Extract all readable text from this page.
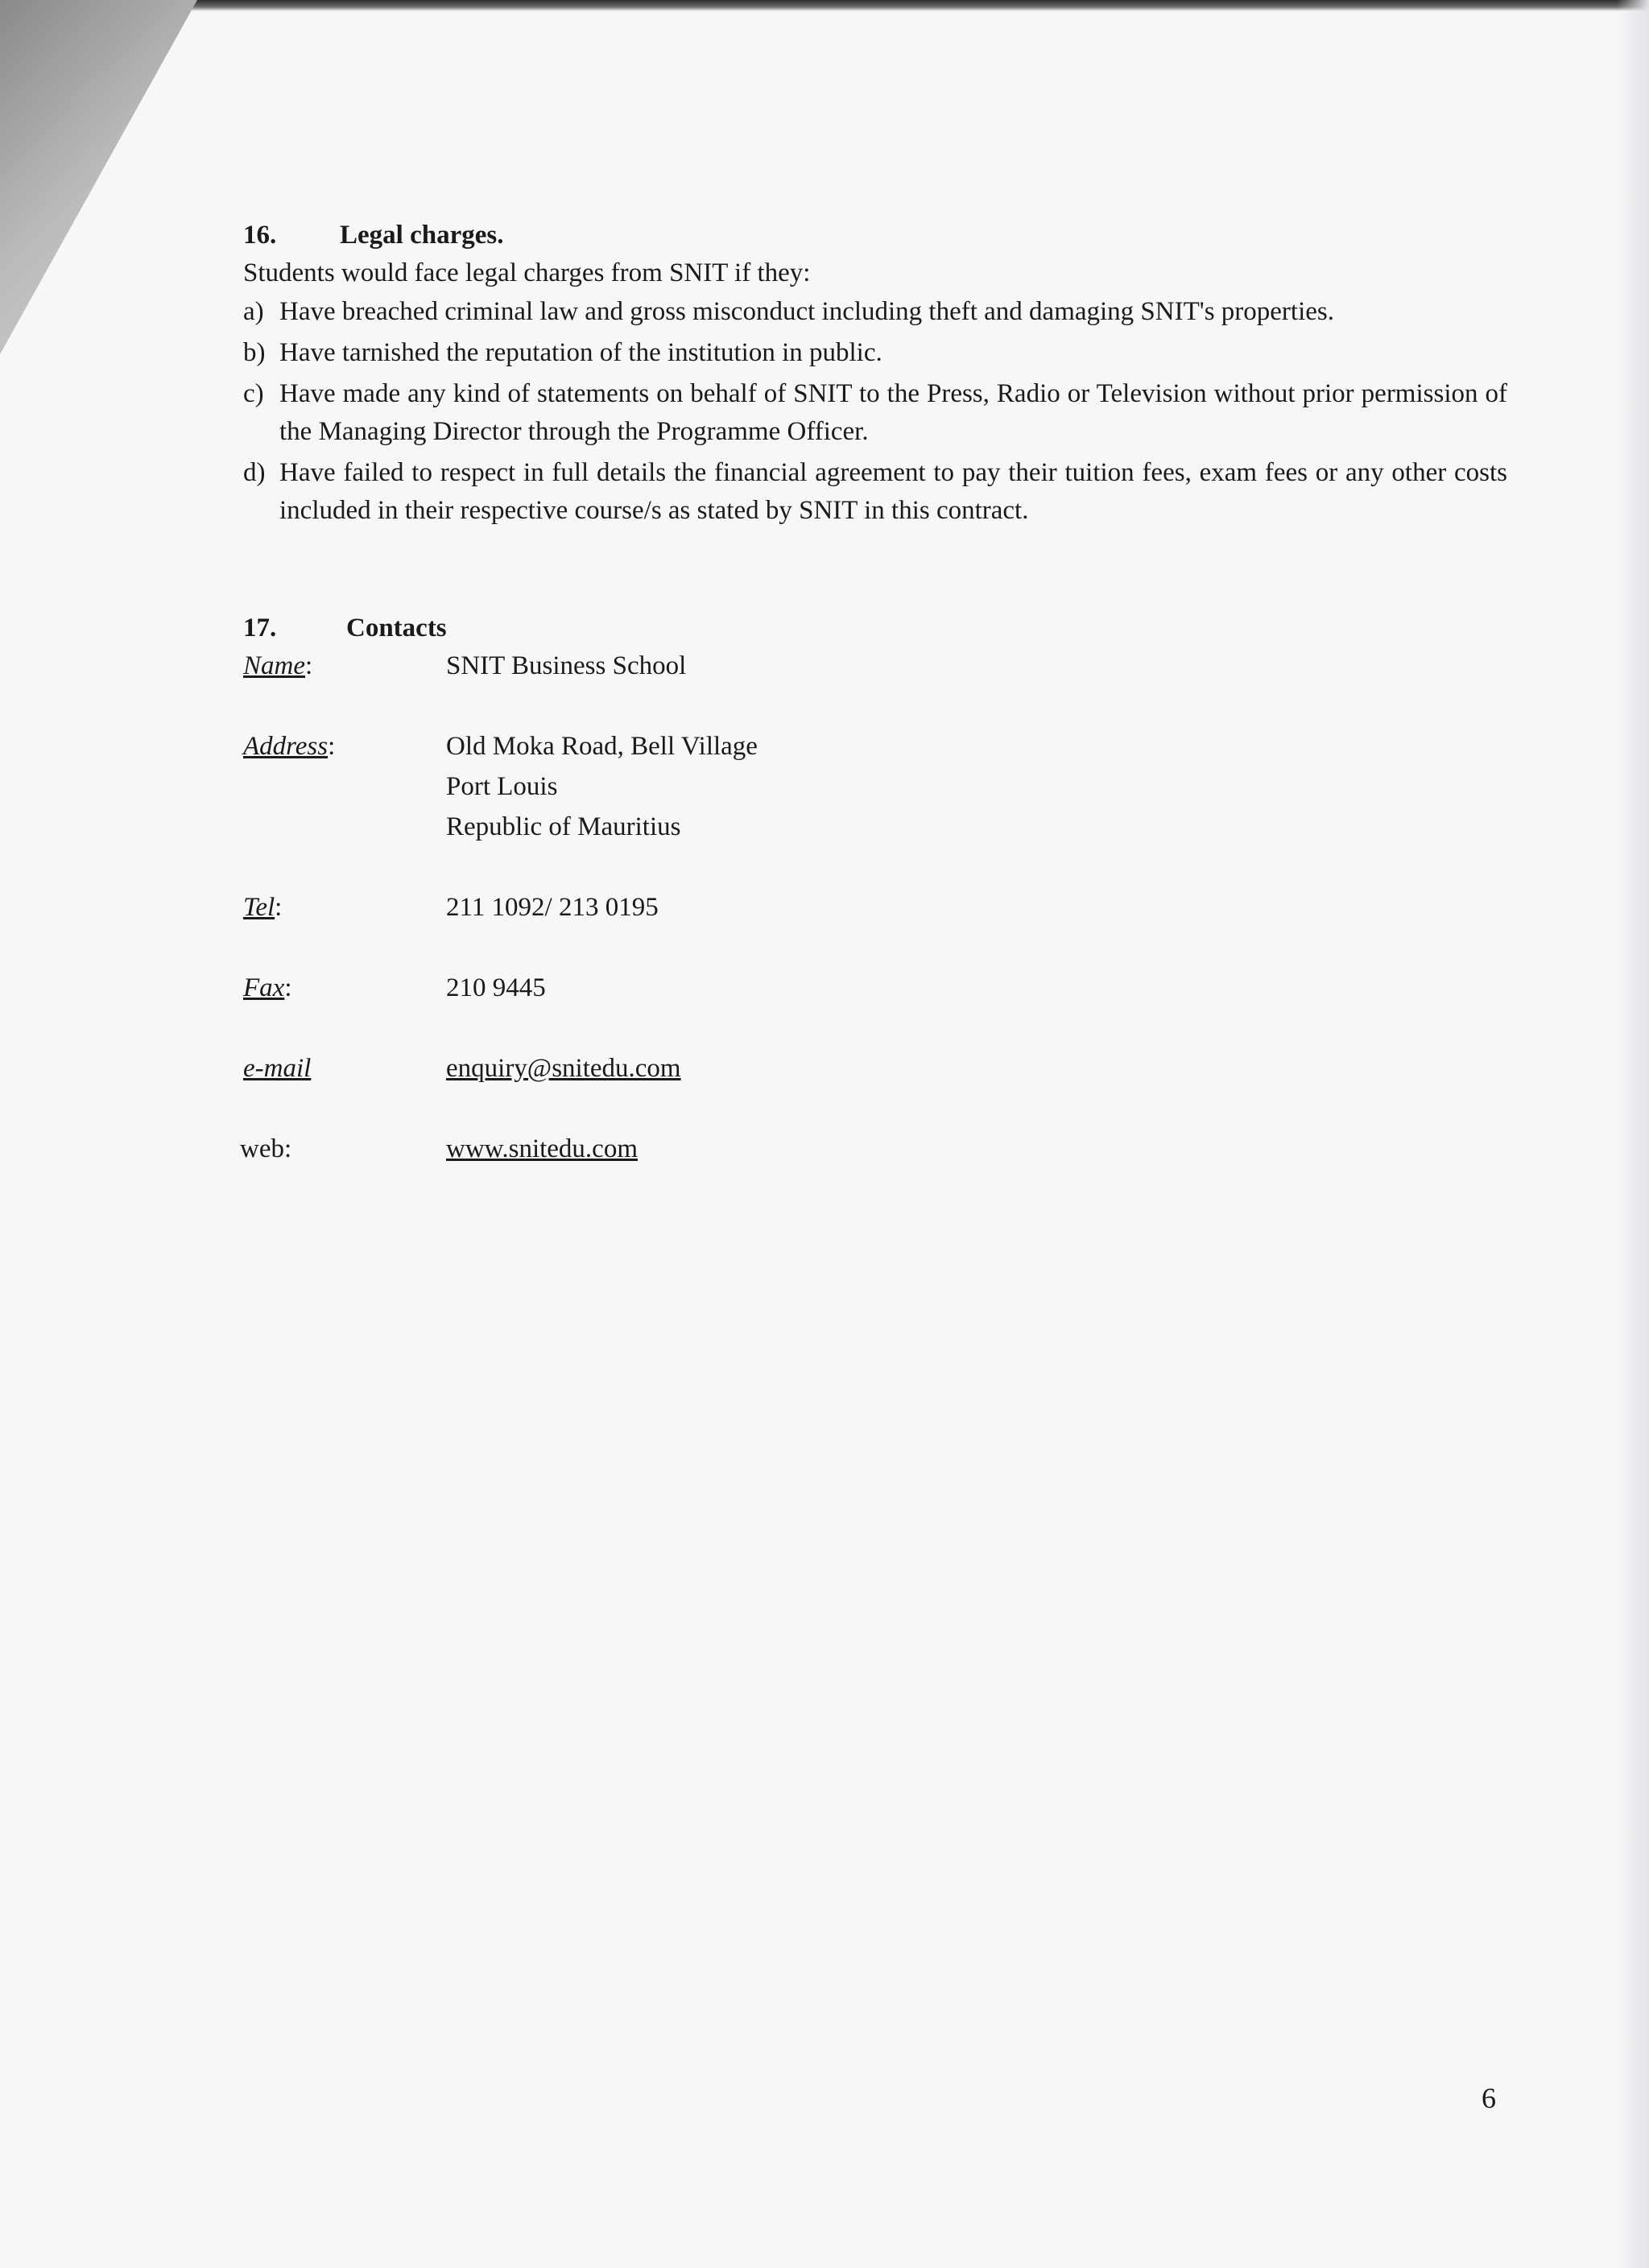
16.	Legal charges.

Students would face legal charges from SNIT if they:

a) Have breached criminal law and gross misconduct including theft and damaging SNIT's properties.
b) Have tarnished the reputation of the institution in public.
c) Have made any kind of statements on behalf of SNIT to the Press, Radio or Television without prior permission of the Managing Director through the Programme Officer.
d) Have failed to respect in full details the financial agreement to pay their tuition fees, exam fees or any other costs included in their respective course/s as stated by SNIT in this contract.
17.	Contacts
Name:	SNIT Business School
Address:	Old Moka Road, Bell Village
Port Louis
Republic of Mauritius
Tel:	211 1092/ 213 0195
Fax:	210 9445
e-mail	enquiry@snitedu.com
web:	www.snitedu.com
6
